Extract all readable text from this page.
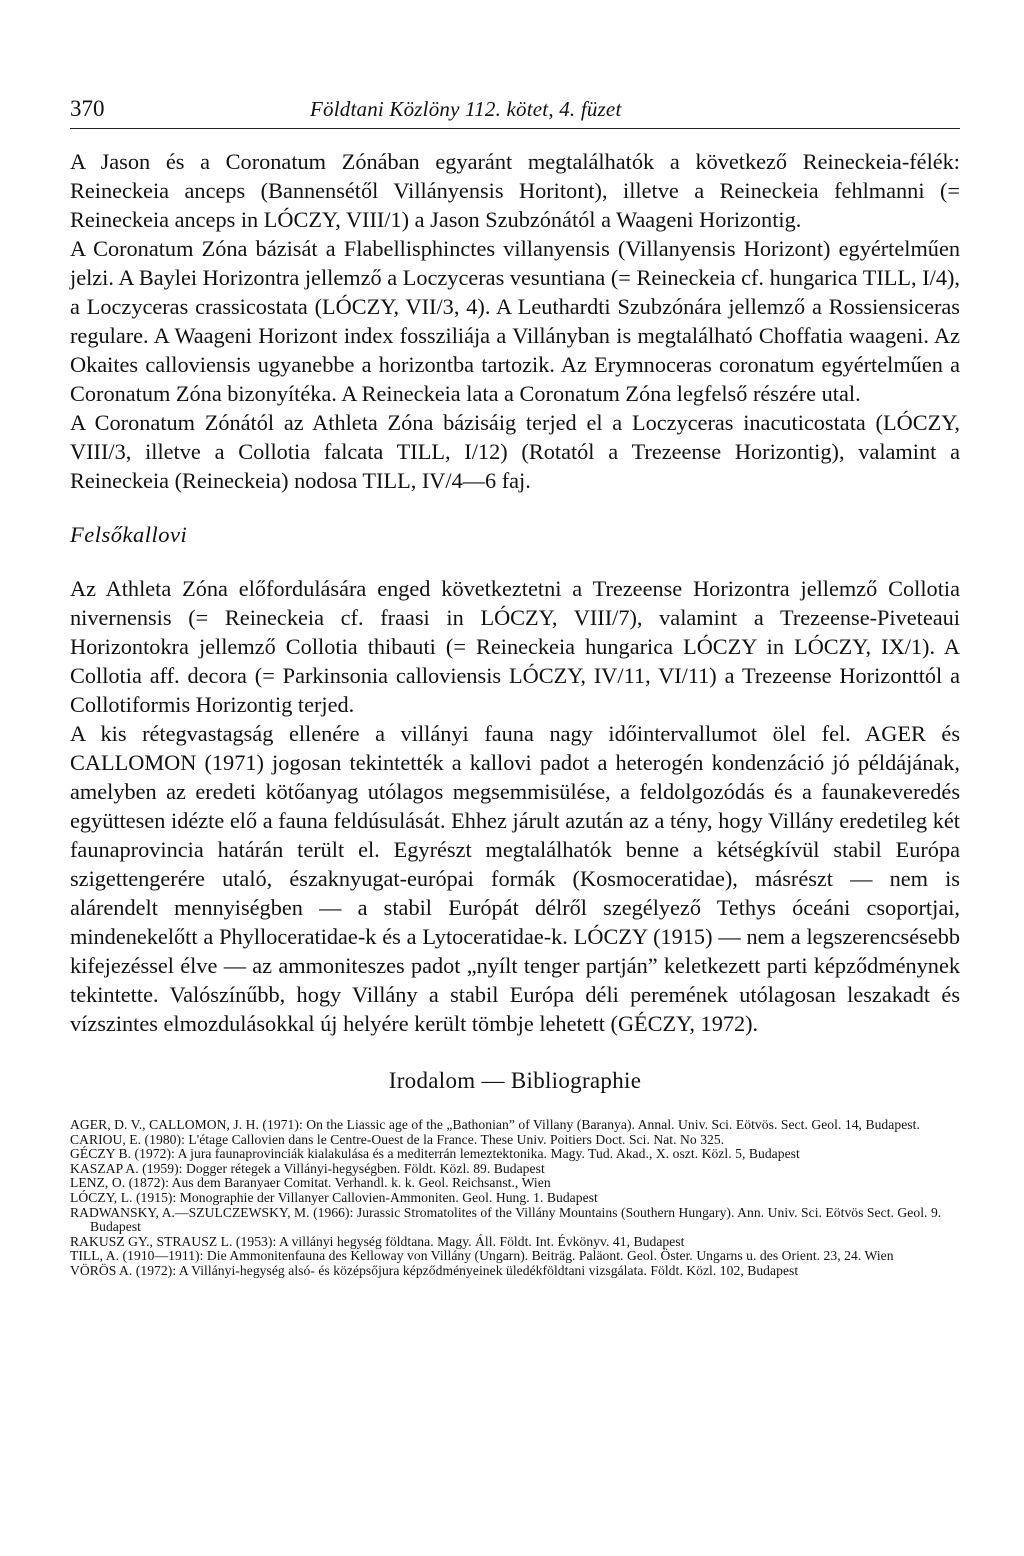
370	Földtani Közlöny 112. kötet, 4. füzet

A Jason és a Coronatum Zónában egyaránt megtalálhatók a következő Reineckeia-félék: Reineckeia anceps (Bannensétől Villányensis Horitont), illetve a Reineckeia fehlmanni (= Reineckeia anceps in LÓCZY, VIII/1) a Jason Szubzónától a Waageni Horizontig.

A Coronatum Zóna bázisát a Flabellisphinctes villanyensis (Villanyensis Horizont) egyértelműen jelzi. A Baylei Horizontra jellemző a Loczyceras vesuntiana (= Reineckeia cf. hungarica TILL, I/4), a Loczyceras crassicostata (LÓCZY, VII/3, 4). A Leuthardti Szubzónára jellemző a Rossiensiceras regulare. A Waageni Horizont index fossziliája a Villányban is megtalálható Choffatia waageni. Az Okaites calloviensis ugyanebbe a horizontba tartozik. Az Erymnoceras coronatum egyértelműen a Coronatum Zóna bizonyítéka. A Reineckeia lata a Coronatum Zóna legfelső részére utal.

A Coronatum Zónától az Athleta Zóna bázisáig terjed el a Loczyceras inacuticostata (LÓCZY, VIII/3, illetve a Collotia falcata TILL, I/12) (Rotatól a Trezeense Horizontig), valamint a Reineckeia (Reineckeia) nodosa TILL, IV/4—6 faj.

Felsőkallovi

Az Athleta Zóna előfordulására enged következtetni a Trezeense Horizontra jellemző Collotia nivernensis (= Reineckeia cf. fraasi in LÓCZY, VIII/7), valamint a Trezeense-Piveteaui Horizontokra jellemző Collotia thibauti (= Reineckeia hungarica LÓCZY in LÓCZY, IX/1). A Collotia aff. decora (= Parkinsonia calloviensis LÓCZY, IV/11, VI/11) a Trezeense Horizonttól a Collotiformis Horizontig terjed.

A kis rétegvastagság ellenére a villányi fauna nagy időintervallumot ölel fel. AGER és CALLOMON (1971) jogosan tekintették a kallovi padot a heterogén kondenzáció jó példájának, amelyben az eredeti kötőanyag utólagos megsemmisülése, a feldolgozódás és a faunakeveredés együttesen idézte elő a fauna feldúsulását. Ehhez járult azután az a tény, hogy Villány eredetileg két faunaprovincia határán terült el. Egyrészt megtalálhatók benne a kétségkívül stabil Európa szigettengerére utaló, északnyugat-európai formák (Kosmoceratidae), másrészt — nem is alárendelt mennyiségben — a stabil Európát délről szegélyező Tethys óceáni csoportjai, mindenekelőtt a Phylloceratidae-k és a Lytoceratidae-k. LÓCZY (1915) — nem a legszerencsésebb kifejezéssel élve — az ammoniteszes padot „nyílt tenger partján” keletkezett parti képződménynek tekintette. Valószínűbb, hogy Villány a stabil Európa déli peremének utólagosan leszakadt és vízszintes elmozdulásokkal új helyére került tömbje lehetett (GÉCZY, 1972).

Irodalom — Bibliographie

AGER, D. V., CALLOMON, J. H. (1971): On the Liassic age of the „Bathonian” of Villany (Baranya). Annal. Univ. Sci. Eötvös. Sect. Geol. 14, Budapest.

CARIOU, E. (1980): L'étage Callovien dans le Centre-Ouest de la France. These Univ. Poitiers Doct. Sci. Nat. No 325.

GÉCZY B. (1972): A jura faunaprovinciák kialakulása és a mediterrán lemeztektonika. Magy. Tud. Akad., X. oszt. Közl. 5, Budapest

KASZAP A. (1959): Dogger rétegek a Villányi-hegységben. Földt. Közl. 89. Budapest

LENZ, O. (1872): Aus dem Baranyaer Comitat. Verhandl. k. k. Geol. Reichsanst., Wien

LÓCZY, L. (1915): Monographie der Villanyer Callovien-Ammoniten. Geol. Hung. 1. Budapest

RADWANSKY, A.—SZULCZEWSKY, M. (1966): Jurassic Stromatolites of the Villány Mountains (Southern Hungary). Ann. Univ. Sci. Eötvös Sect. Geol. 9. Budapest

RAKUSZ GY., STRAUSZ L. (1953): A villányi hegység földtana. Magy. Áll. Földt. Int. Évkönyv. 41, Budapest

TILL, A. (1910—1911): Die Ammonitenfauna des Kelloway von Villány (Ungarn). Beiträg. Paläont. Geol. Öster. Ungarns u. des Orient. 23, 24. Wien

VÖRÖS A. (1972): A Villányi-hegység alsó- és középsőjura képződményeinek üledékföldtani vizsgálata. Földt. Közl. 102, Budapest
